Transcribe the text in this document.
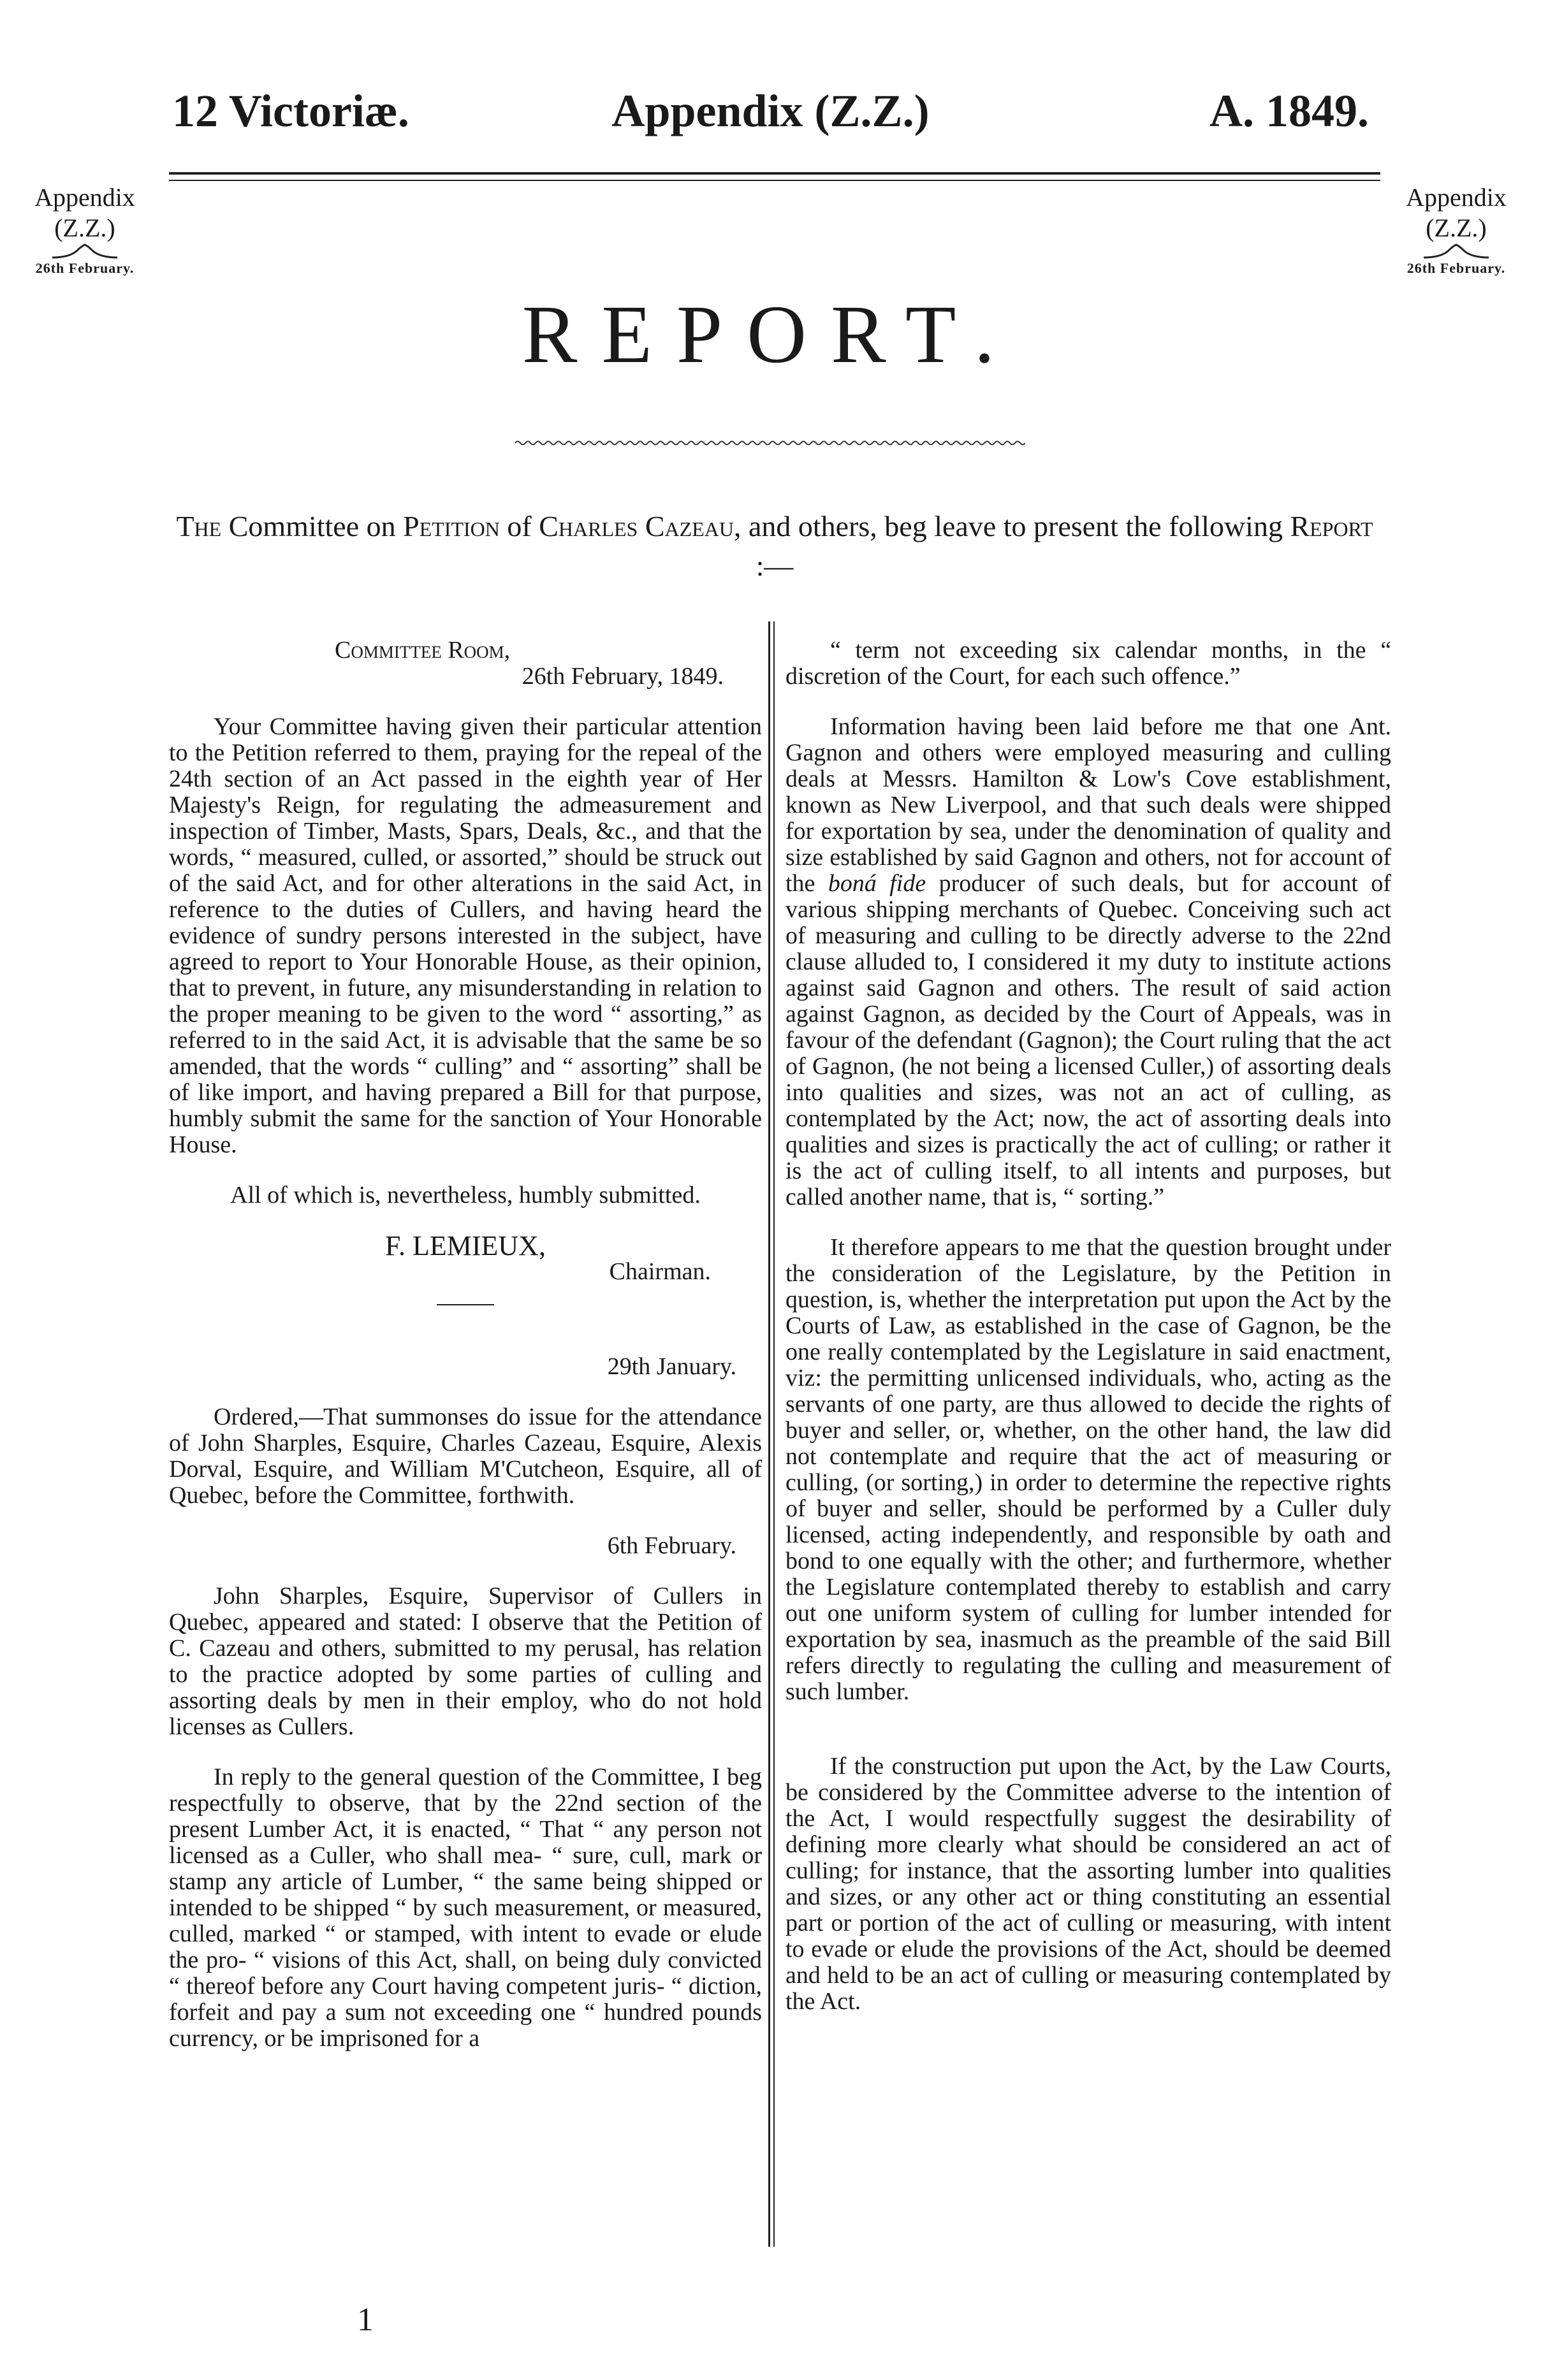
12 Victoriæ.	Appendix (Z.Z.)	A. 1849.
Appendix
(Z.Z.)
26th February.
Appendix
(Z.Z.)
26th February.
REPORT.
The Committee on Petition of Charles Cazeau, and others, beg leave to present the following Report :—

Committee Room,

26th February, 1849.

Your Committee having given their particular attention to the Petition referred to them, praying for the repeal of the 24th section of an Act passed in the eighth year of Her Majesty's Reign, for regulating the admeasurement and inspection of Timber, Masts, Spars, Deals, &c., and that the words, “ measured, culled, or assorted,” should be struck out of the said Act, and for other alterations in the said Act, in reference to the duties of Cullers, and having heard the evidence of sundry persons interested in the subject, have agreed to report to Your Honorable House, as their opinion, that to prevent, in future, any misunderstanding in relation to the proper meaning to be given to the word “ assorting,” as referred to in the said Act, it is advisable that the same be so amended, that the words “ culling” and “ assorting” shall be of like import, and having prepared a Bill for that purpose, humbly submit the same for the sanction of Your Honorable House.

All of which is, nevertheless, humbly submitted.

F. LEMIEUX,

Chairman.

29th January.

Ordered,—That summonses do issue for the attendance of John Sharples, Esquire, Charles Cazeau, Esquire, Alexis Dorval, Esquire, and William M'Cutcheon, Esquire, all of Quebec, before the Committee, forthwith.

6th February.

John Sharples, Esquire, Supervisor of Cullers in Quebec, appeared and stated: I observe that the Petition of C. Cazeau and others, submitted to my perusal, has relation to the practice adopted by some parties of culling and assorting deals by men in their employ, who do not hold licenses as Cullers.

In reply to the general question of the Committee, I beg respectfully to observe, that by the 22nd section of the present Lumber Act, it is enacted, “ That “ any person not licensed as a Culler, who shall mea- “ sure, cull, mark or stamp any article of Lumber, “ the same being shipped or intended to be shipped “ by such measurement, or measured, culled, marked “ or stamped, with intent to evade or elude the pro- “ visions of this Act, shall, on being duly convicted “ thereof before any Court having competent juris- “ diction, forfeit and pay a sum not exceeding one “ hundred pounds currency, or be imprisoned for a

“ term not exceeding six calendar months, in the “ discretion of the Court, for each such offence.”

Information having been laid before me that one Ant. Gagnon and others were employed measuring and culling deals at Messrs. Hamilton & Low's Cove establishment, known as New Liverpool, and that such deals were shipped for exportation by sea, under the denomination of quality and size established by said Gagnon and others, not for account of the boná fide producer of such deals, but for account of various shipping merchants of Quebec. Conceiving such act of measuring and culling to be directly adverse to the 22nd clause alluded to, I considered it my duty to institute actions against said Gagnon and others. The result of said action against Gagnon, as decided by the Court of Appeals, was in favour of the defendant (Gagnon); the Court ruling that the act of Gagnon, (he not being a licensed Culler,) of assorting deals into qualities and sizes, was not an act of culling, as contemplated by the Act; now, the act of assorting deals into qualities and sizes is practically the act of culling; or rather it is the act of culling itself, to all intents and purposes, but called another name, that is, “ sorting.”

It therefore appears to me that the question brought under the consideration of the Legislature, by the Petition in question, is, whether the interpretation put upon the Act by the Courts of Law, as established in the case of Gagnon, be the one really contemplated by the Legislature in said enactment, viz: the permitting unlicensed individuals, who, acting as the servants of one party, are thus allowed to decide the rights of buyer and seller, or, whether, on the other hand, the law did not contemplate and require that the act of measuring or culling, (or sorting,) in order to determine the repective rights of buyer and seller, should be performed by a Culler duly licensed, acting independently, and responsible by oath and bond to one equally with the other; and furthermore, whether the Legislature contemplated thereby to establish and carry out one uniform system of culling for lumber intended for exportation by sea, inasmuch as the preamble of the said Bill refers directly to regulating the culling and measurement of such lumber.

If the construction put upon the Act, by the Law Courts, be considered by the Committee adverse to the intention of the Act, I would respectfully suggest the desirability of defining more clearly what should be considered an act of culling; for instance, that the assorting lumber into qualities and sizes, or any other act or thing constituting an essential part or portion of the act of culling or measuring, with intent to evade or elude the provisions of the Act, should be deemed and held to be an act of culling or measuring contemplated by the Act.

1
